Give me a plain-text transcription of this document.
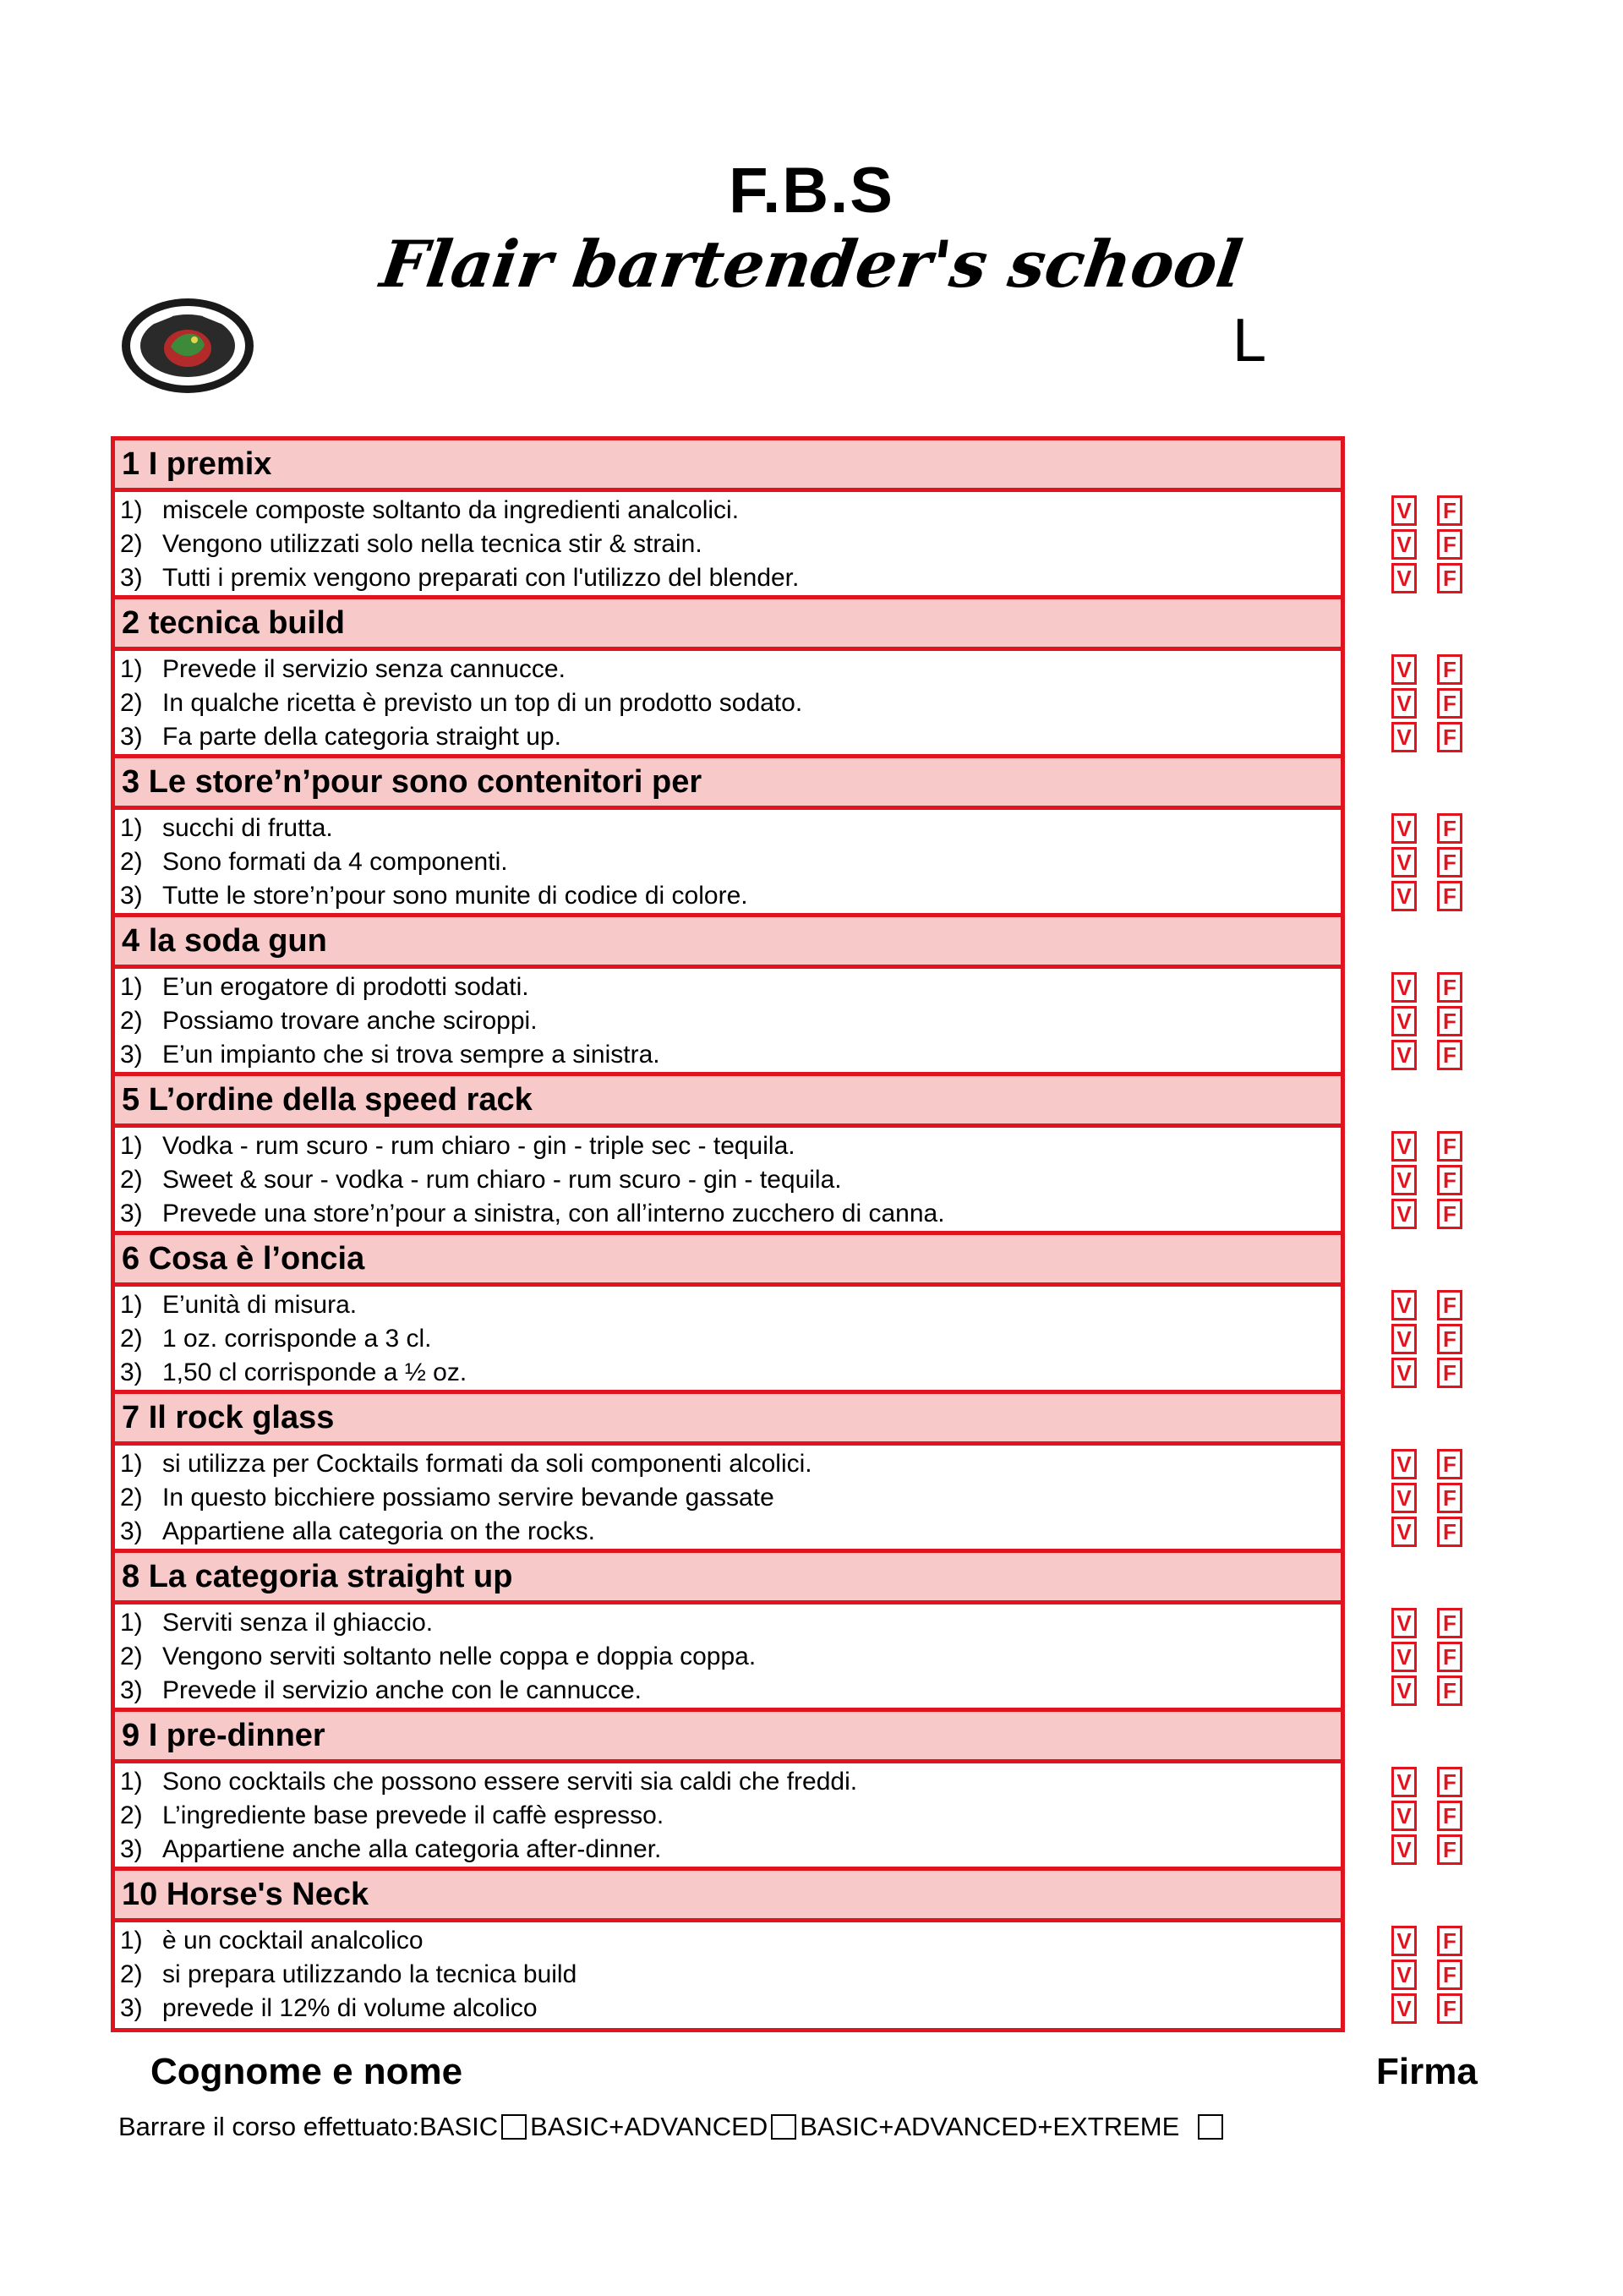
F.B.S
Flair bartender's school
L
1 I premix
1) miscele composte soltanto da ingredienti analcolici.
2) Vengono utilizzati solo nella tecnica stir & strain.
3) Tutti i premix vengono preparati con l'utilizzo del blender.
2 tecnica build
1) Prevede il servizio senza cannucce.
2) In qualche ricetta è previsto un top di un prodotto sodato.
3) Fa parte della categoria straight up.
3 Le store’n’pour sono contenitori per
1) succhi di frutta.
2) Sono formati da 4 componenti.
3) Tutte le store’n’pour sono munite di codice di colore.
4 la soda gun
1) E’un erogatore di prodotti sodati.
2) Possiamo trovare anche sciroppi.
3) E’un impianto che si trova sempre a sinistra.
5 L’ordine della speed rack
1) Vodka - rum scuro - rum chiaro - gin - triple sec - tequila.
2) Sweet & sour - vodka - rum chiaro - rum scuro - gin - tequila.
3) Prevede una store’n’pour a sinistra, con all’interno zucchero di canna.
6 Cosa è l’oncia
1) E’unità di misura.
2) 1 oz. corrisponde a 3 cl.
3) 1,50 cl corrisponde a ½ oz.
7 Il rock glass
1) si utilizza per Cocktails formati da soli componenti alcolici.
2) In questo bicchiere possiamo servire bevande gassate
3) Appartiene alla categoria on the rocks.
8 La categoria straight up
1) Serviti senza il ghiaccio.
2) Vengono serviti soltanto nelle coppa e doppia coppa.
3) Prevede il servizio anche con le cannucce.
9 I pre-dinner
1) Sono cocktails che possono essere serviti sia caldi che freddi.
2) L’ingrediente base prevede il caffè espresso.
3) Appartiene anche alla categoria after-dinner.
10 Horse's Neck
1) è un cocktail analcolico
2) si prepara utilizzando la tecnica build
3) prevede il 12% di volume alcolico
V F
V F
V F
V F
V F
V F
V F
V F
V F
V F
V F
V F
V F
V F
V F
V F
V F
V F
V F
V F
V F
V F
V F
V F
V F
V F
V F
V F
V F
V F
Cognome e nome	Firma
Barrare il corso effettuato:BASIC BASIC+ADVANCED BASIC+ADVANCED+EXTREME
